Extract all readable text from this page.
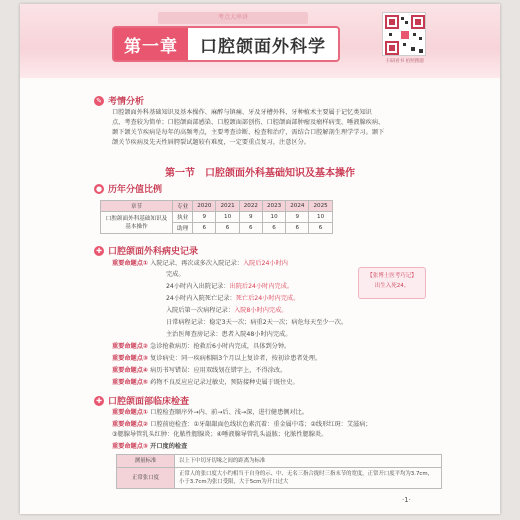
考点大串讲
第一章	口腔颌面外科学
扫码看书 拍照搜题
✎ 考情分析
口腔颌面外科基础知识及基本操作、麻醉与镇痛、牙及牙槽外科、牙种植术主要属于记忆类知识
点，考查较为简单；口腔颌面部感染、口腔颌面部创伤、口腔颌面部肿瘤及瘤样病变、唾液腺疾病、
颞下颌关节疾病是每年的高频考点，主要考查诊断、检查和治疗，需结合口腔解剖生理学学习。颞下
颌关节疾病及先天性唇腭裂试题较有难度，一定要重点复习，注意区分。
第一节　口腔颌面外科基础知识及基本操作
● 历年分值比例
章节	专业	2020	2021	2022	2023	2024	2025
口腔颌面外科基础知识及基本操作	执业	9	10	9	10	9	10
	助理	6	6	6	6	6	6
✚ 口腔颌面外科病史记录
重要命题点① 入院记录、再次或多次入院记录：入院后24小时内
完成。
24小时内入出院记录：出院后24小时内完成。
24小时内入院死亡记录：死亡后24小时内完成。
入院后第一次病程记录：入院8小时内完成。
日常病程记录：稳定3天一次；病重2天一次；病危每天至少一次。
主治医师查房记录：患者入院48小时内完成。
【张博士医考巧记】
出生入死24。
重要命题点② 急诊抢救病历：抢救后6小时内完成，具体到分钟。
重要命题点③ 复诊病史：同一疾病相隔3个月以上复诊者，按初诊患者处理。
重要命题点④ 病历书写错误：应用双线划在错字上，不得涂改。
重要命题点⑤ 药物不良反应应记录过敏史，预防接种史属于既往史。
✚ 口腔颌面部临床检查
重要命题点① 口腔检查顺序外→内、前→后、浅→深，进行健患侧对比。
重要命题点② 口腔前庭检查：①牙龈龈面色线状色素沉着：重金属中毒；②线形红斑：艾滋病；
③腮腺导管乳头红肿：化脓性腮腺炎；④唾液腺导管乳头溢脓；化脓性腮腺炎。
测量标准	以上下中切牙切缘之间的距离为标准
正常张口度	正常人的张口度大小约相当于自身的示、中、无名三指合拢时三指末节的宽度。正常开口度平均为3.7cm，小于3.7cm为张口受限，大于5cm为开口过大
重要命题点③ 开口度的检查
·1·
